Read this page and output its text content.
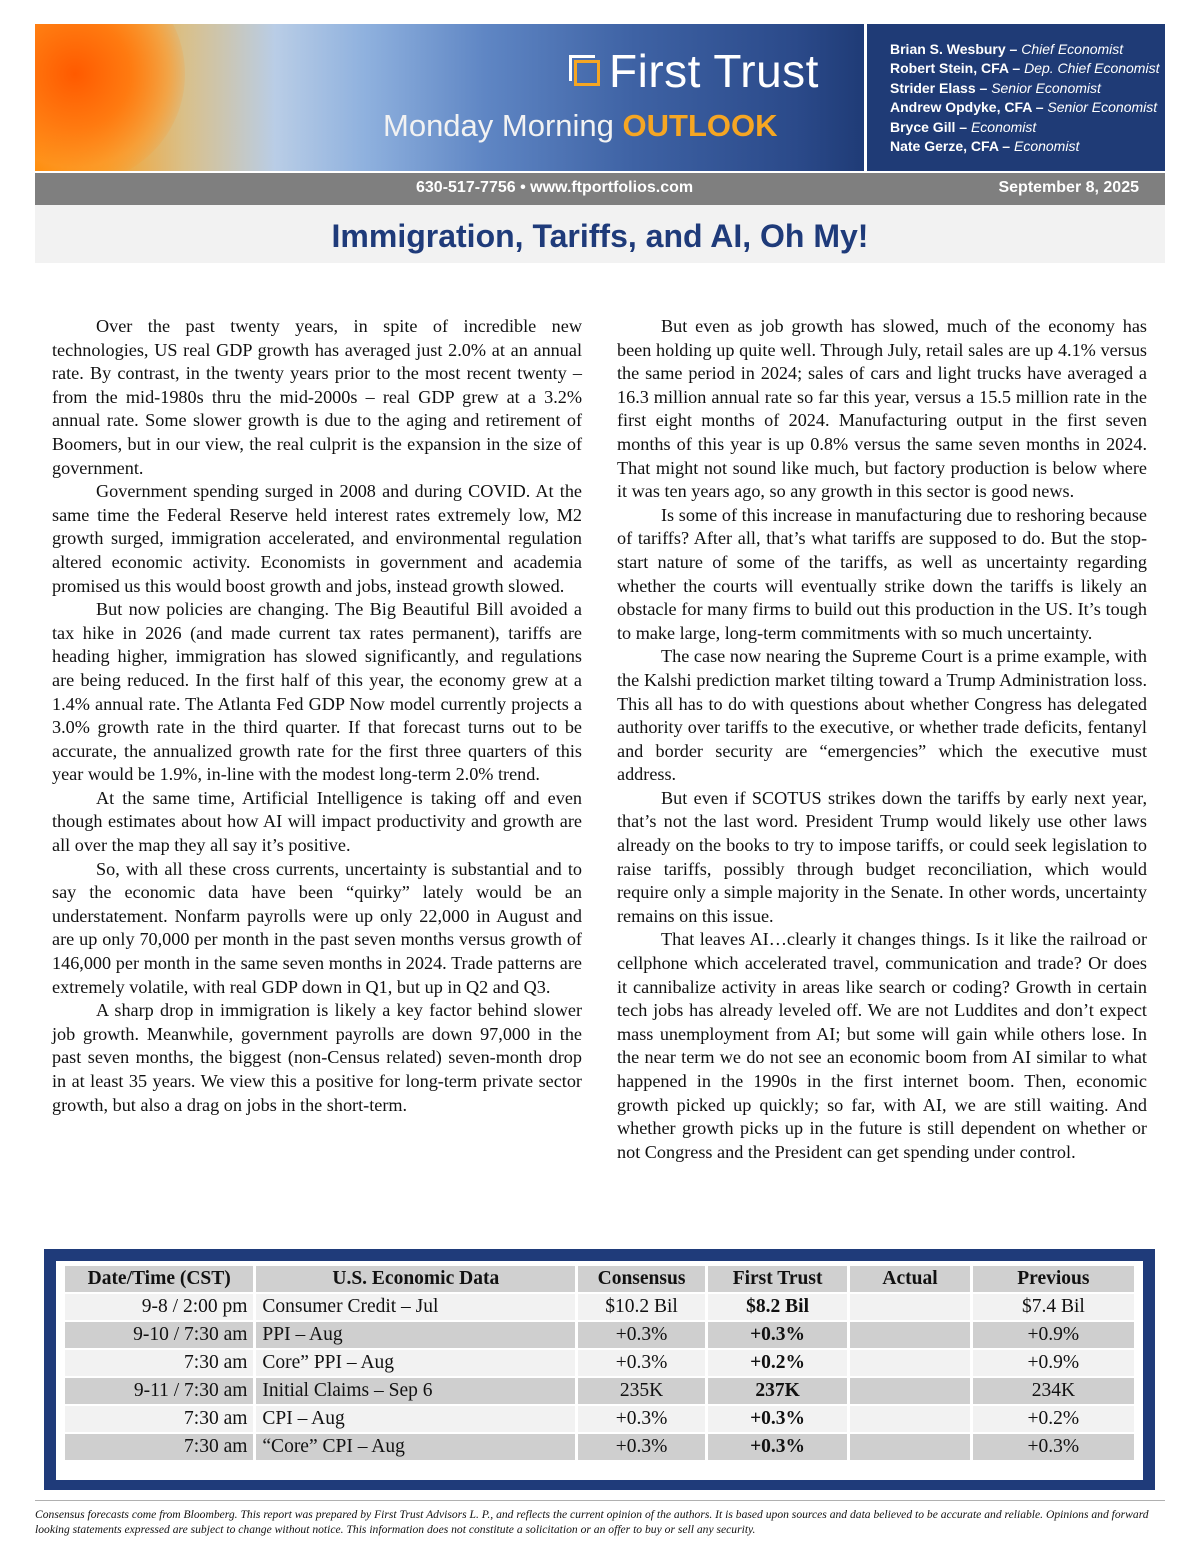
First Trust
Monday Morning OUTLOOK
Brian S. Wesbury – Chief Economist
Robert Stein, CFA – Dep. Chief Economist
Strider Elass – Senior Economist
Andrew Opdyke, CFA – Senior Economist
Bryce Gill – Economist
Nate Gerze, CFA – Economist
630-517-7756 • www.ftportfolios.com	September 8, 2025
Immigration, Tariffs, and AI, Oh My!

Over the past twenty years, in spite of incredible new technologies, US real GDP growth has averaged just 2.0% at an annual rate. By contrast, in the twenty years prior to the most recent twenty – from the mid-1980s thru the mid-2000s – real GDP grew at a 3.2% annual rate. Some slower growth is due to the aging and retirement of Boomers, but in our view, the real culprit is the expansion in the size of government.

Government spending surged in 2008 and during COVID. At the same time the Federal Reserve held interest rates extremely low, M2 growth surged, immigration accelerated, and environmental regulation altered economic activity. Economists in government and academia promised us this would boost growth and jobs, instead growth slowed.

But now policies are changing. The Big Beautiful Bill avoided a tax hike in 2026 (and made current tax rates permanent), tariffs are heading higher, immigration has slowed significantly, and regulations are being reduced. In the first half of this year, the economy grew at a 1.4% annual rate. The Atlanta Fed GDP Now model currently projects a 3.0% growth rate in the third quarter. If that forecast turns out to be accurate, the annualized growth rate for the first three quarters of this year would be 1.9%, in-line with the modest long-term 2.0% trend.

At the same time, Artificial Intelligence is taking off and even though estimates about how AI will impact productivity and growth are all over the map they all say it’s positive.

So, with all these cross currents, uncertainty is substantial and to say the economic data have been “quirky” lately would be an understatement. Nonfarm payrolls were up only 22,000 in August and are up only 70,000 per month in the past seven months versus growth of 146,000 per month in the same seven months in 2024. Trade patterns are extremely volatile, with real GDP down in Q1, but up in Q2 and Q3.

A sharp drop in immigration is likely a key factor behind slower job growth. Meanwhile, government payrolls are down 97,000 in the past seven months, the biggest (non-Census related) seven-month drop in at least 35 years. We view this a positive for long-term private sector growth, but also a drag on jobs in the short-term.

But even as job growth has slowed, much of the economy has been holding up quite well. Through July, retail sales are up 4.1% versus the same period in 2024; sales of cars and light trucks have averaged a 16.3 million annual rate so far this year, versus a 15.5 million rate in the first eight months of 2024. Manufacturing output in the first seven months of this year is up 0.8% versus the same seven months in 2024. That might not sound like much, but factory production is below where it was ten years ago, so any growth in this sector is good news.

Is some of this increase in manufacturing due to reshoring because of tariffs? After all, that’s what tariffs are supposed to do. But the stop-start nature of some of the tariffs, as well as uncertainty regarding whether the courts will eventually strike down the tariffs is likely an obstacle for many firms to build out this production in the US. It’s tough to make large, long-term commitments with so much uncertainty.

The case now nearing the Supreme Court is a prime example, with the Kalshi prediction market tilting toward a Trump Administration loss. This all has to do with questions about whether Congress has delegated authority over tariffs to the executive, or whether trade deficits, fentanyl and border security are “emergencies” which the executive must address.

But even if SCOTUS strikes down the tariffs by early next year, that’s not the last word. President Trump would likely use other laws already on the books to try to impose tariffs, or could seek legislation to raise tariffs, possibly through budget reconciliation, which would require only a simple majority in the Senate. In other words, uncertainty remains on this issue.

That leaves AI…clearly it changes things. Is it like the railroad or cellphone which accelerated travel, communication and trade? Or does it cannibalize activity in areas like search or coding? Growth in certain tech jobs has already leveled off. We are not Luddites and don’t expect mass unemployment from AI; but some will gain while others lose. In the near term we do not see an economic boom from AI similar to what happened in the 1990s in the first internet boom. Then, economic growth picked up quickly; so far, with AI, we are still waiting. And whether growth picks up in the future is still dependent on whether or not Congress and the President can get spending under control.

Date/Time (CST)	U.S. Economic Data	Consensus	First Trust	Actual	Previous
9-8 / 2:00 pm	Consumer Credit – Jul	$10.2 Bil	$8.2 Bil		$7.4 Bil
9-10 / 7:30 am	PPI – Aug	+0.3%	+0.3%		+0.9%
7:30 am	Core” PPI – Aug	+0.3%	+0.2%		+0.9%
9-11 / 7:30 am	Initial Claims – Sep 6	235K	237K		234K
7:30 am	CPI – Aug	+0.3%	+0.3%		+0.2%
7:30 am	“Core” CPI – Aug	+0.3%	+0.3%		+0.3%
Consensus forecasts come from Bloomberg. This report was prepared by First Trust Advisors L. P., and reflects the current opinion of the authors. It is based upon sources and data believed to be accurate and reliable. Opinions and forward looking statements expressed are subject to change without notice. This information does not constitute a solicitation or an offer to buy or sell any security.
